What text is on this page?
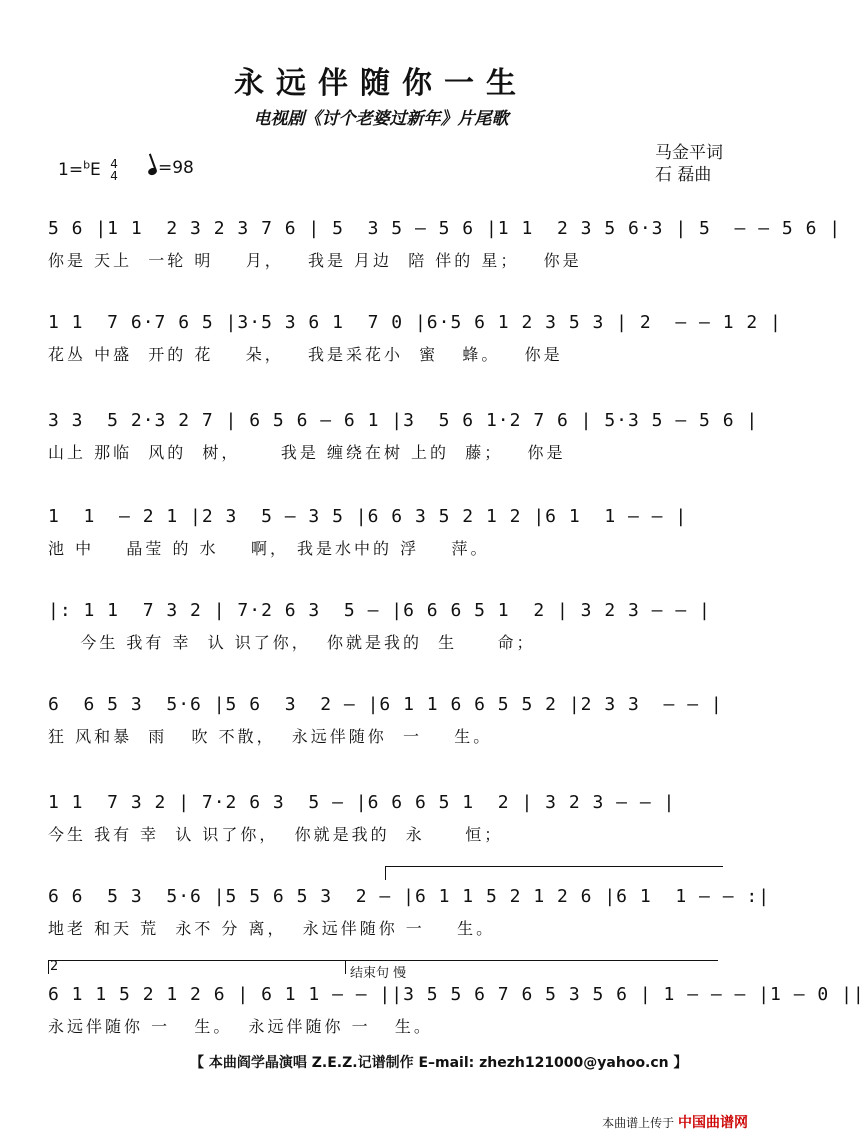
永远伴随你一生
电视剧《讨个老婆过新年》片尾歌
马金平词
石 磊曲
1=$^b$E 4
4	=98
5 6 |1 1  2 3 2 3 7 6 | 5  3 5 – 5 6 |1 1  2 3 5 6·3 | 5  – – 5 6 |
你是 天上  一轮 明    月，   我是 月边  陪 伴的 星；   你是
1 1  7 6·7 6 5 |3·5 3 6 1  7 0 |6·5 6 1 2 3 5 3 | 2  – – 1 2 |
花丛 中盛  开的 花    朵，   我是采花小  蜜   蜂。   你是
3 3  5 2·3 2 7 | 6 5 6 – 6 1 |3  5 6 1·2 7 6 | 5·3 5 – 5 6 |
山上 那临  风的  树，     我是 缠绕在树 上的  藤；   你是
1  1  – 2 1 |2 3  5 – 3 5 |6 6 3 5 2 1 2 |6 1  1 – – |
池 中    晶莹 的 水    啊， 我是水中的 浮    萍。
|: 1 1  7 3 2 | 7·2 6 3  5 – |6 6 6 5 1  2 | 3 2 3 – – |
今生 我有 幸  认 识了你，  你就是我的  生     命；
6  6 5 3  5·6 |5 6  3  2 – |6 1 1 6 6 5 5 2 |2 3 3  – – |
狂 风和暴  雨   吹 不散，  永远伴随你  一    生。
1 1  7 3 2 | 7·2 6 3  5 – |6 6 6 5 1  2 | 3 2 3 – – |
今生 我有 幸  认 识了你，  你就是我的  永     恒；
6 6  5 3  5·6 |5 5 6 5 3  2 – |6 1 1 5 2 1 2 6 |6 1  1 – – :|
地老 和天 荒  永不 分 离，  永远伴随你 一    生。
2	结束句 慢
6 1 1 5 2 1 2 6 | 6 1 1 – – ||3 5 5 6 7 6 5 3 5 6 | 1 – – – |1 – 0 ||
永远伴随你 一   生。  永远伴随你 一   生。
【 本曲阎学晶演唱 Z.E.Z.记谱制作 E–mail: zhezh121000@yahoo.cn 】
本曲谱上传于 中国曲谱网
